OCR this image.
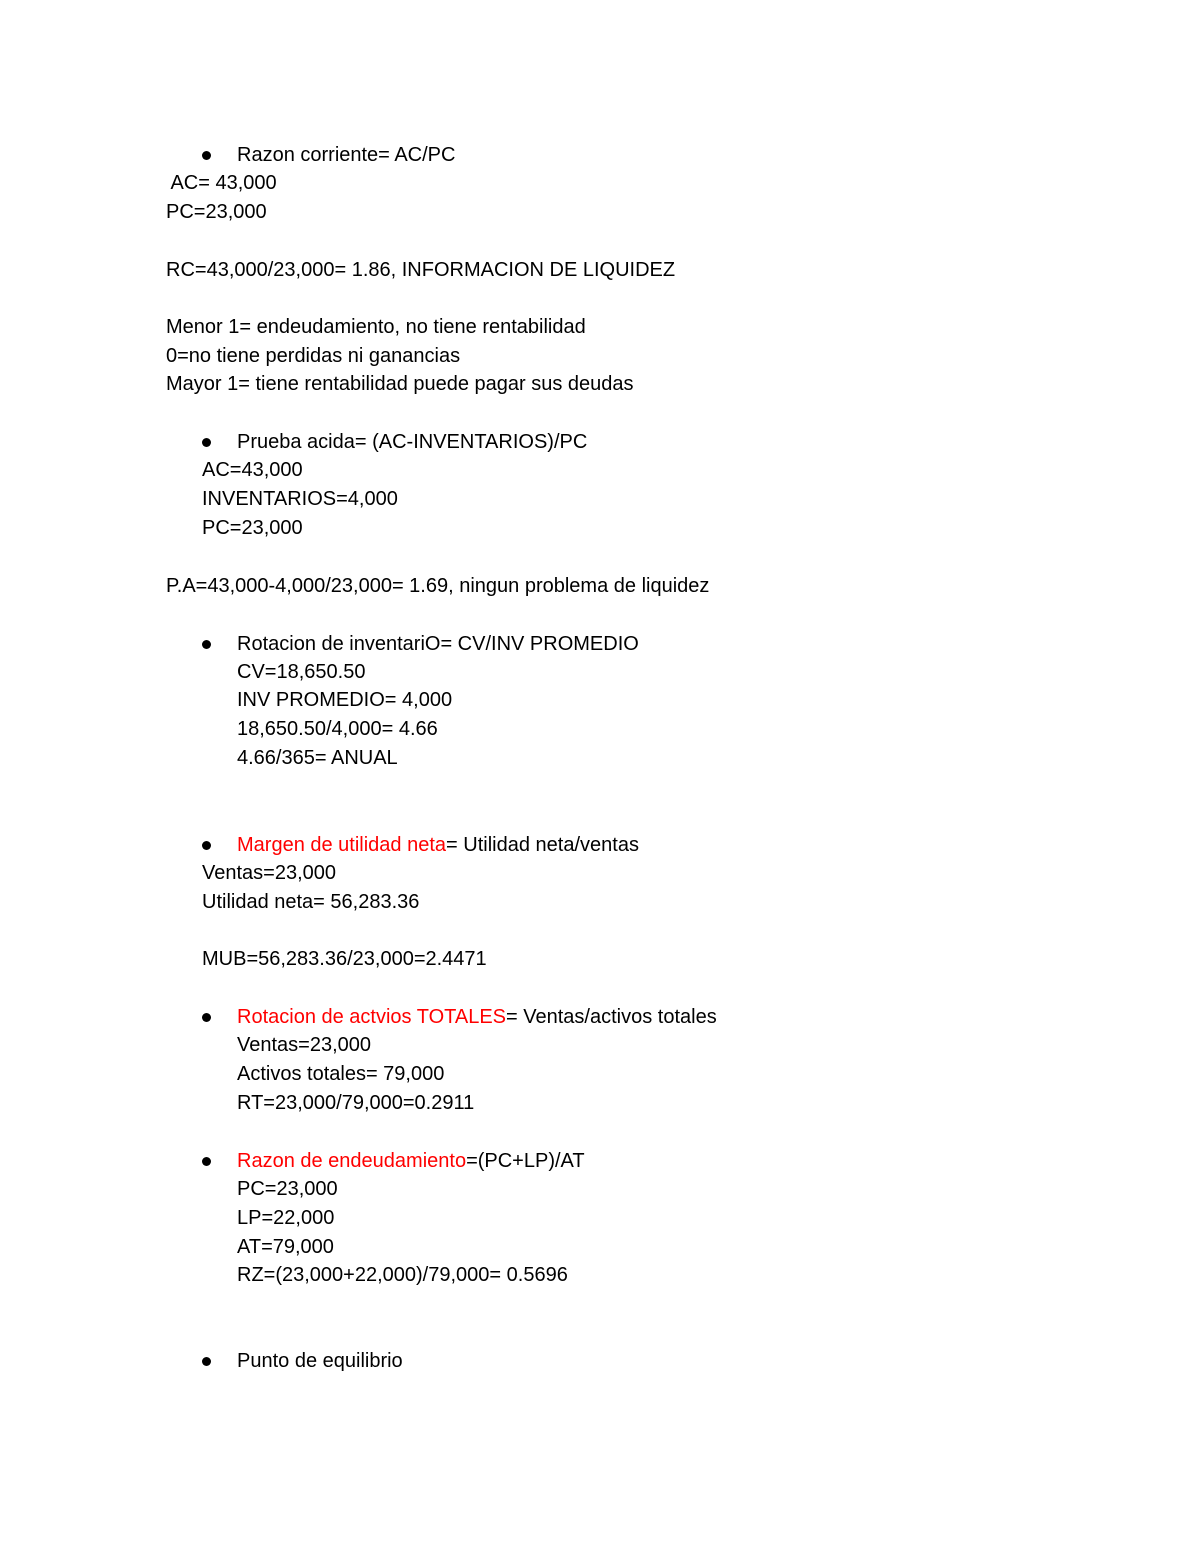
Razon corriente= AC/PC
AC= 43,000
PC=23,000
RC=43,000/23,000= 1.86, INFORMACION DE LIQUIDEZ
Menor 1= endeudamiento, no tiene rentabilidad
0=no tiene perdidas ni ganancias
Mayor 1= tiene rentabilidad puede pagar sus deudas
Prueba acida= (AC-INVENTARIOS)/PC
AC=43,000
INVENTARIOS=4,000
PC=23,000
P.A=43,000-4,000/23,000= 1.69, ningun problema de liquidez
Rotacion de inventariO= CV/INV PROMEDIO
CV=18,650.50
INV PROMEDIO= 4,000
18,650.50/4,000= 4.66
4.66/365= ANUAL
Margen de utilidad neta= Utilidad neta/ventas
Ventas=23,000
Utilidad neta= 56,283.36
MUB=56,283.36/23,000=2.4471
Rotacion de actvios TOTALES= Ventas/activos totales
Ventas=23,000
Activos totales= 79,000
RT=23,000/79,000=0.2911
Razon de endeudamiento=(PC+LP)/AT
PC=23,000
LP=22,000
AT=79,000
RZ=(23,000+22,000)/79,000= 0.5696
Punto de equilibrio
